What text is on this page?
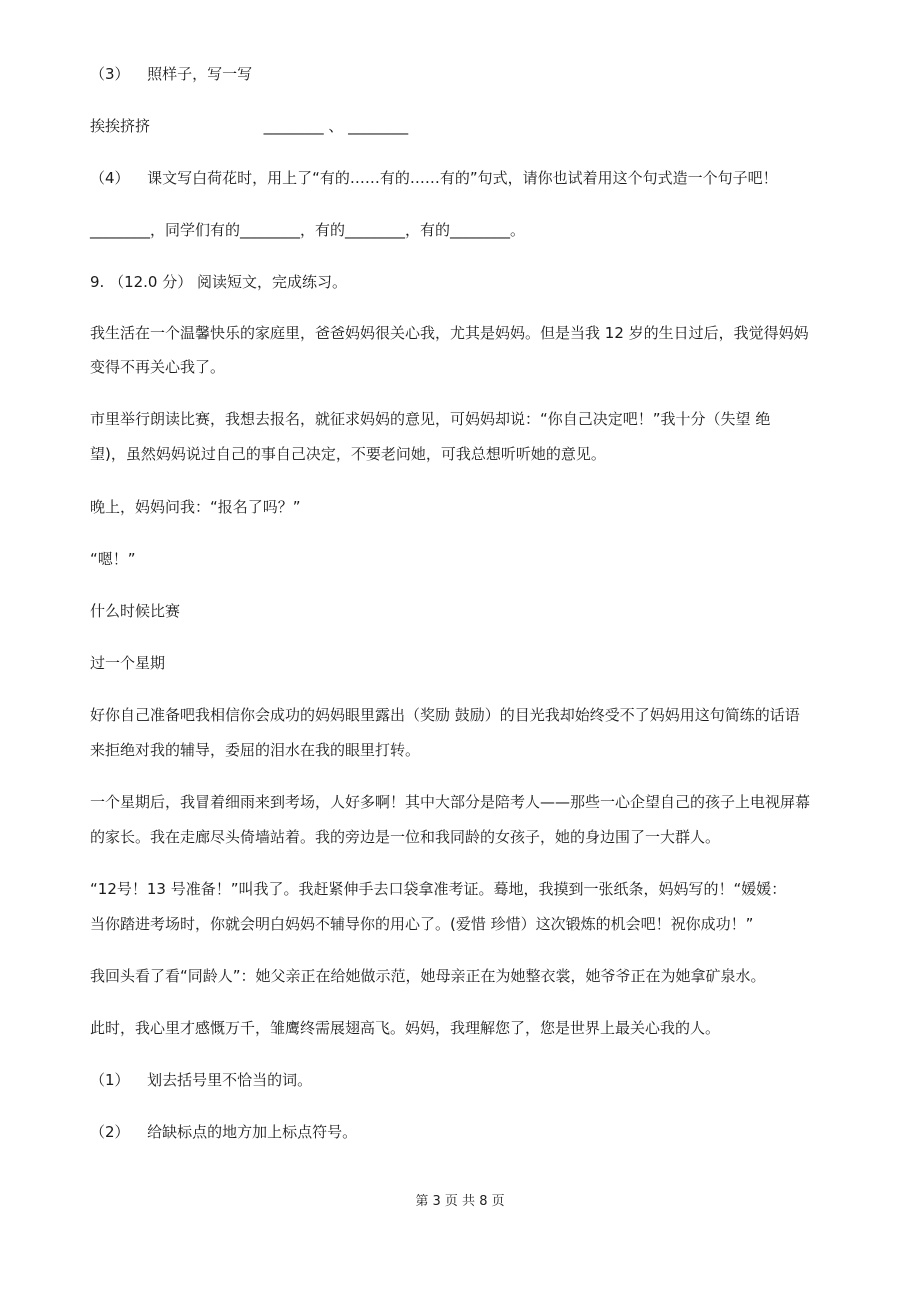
（3） 照样子，写一写
挨挨挤挤	________ 、 ________
（4） 课文写白荷花时，用上了“有的……有的……有的”句式，请你也试着用这个句式造一个句子吧！
________，同学们有的________，有的________，有的________。
9. （12.0 分） 阅读短文，完成练习。
我生活在一个温馨快乐的家庭里，爸爸妈妈很关心我，尤其是妈妈。但是当我 12 岁的生日过后，我觉得妈妈
变得不再关心我了。
市里举行朗读比赛，我想去报名，就征求妈妈的意见，可妈妈却说：“你自己决定吧！”我十分（失望 绝
望)，虽然妈妈说过自己的事自己决定，不要老问她，可我总想听听她的意见。
晚上，妈妈问我：“报名了吗？”
“嗯！”
什么时候比赛
过一个星期
好你自己准备吧我相信你会成功的妈妈眼里露出（奖励 鼓励）的目光我却始终受不了妈妈用这句简练的话语
来拒绝对我的辅导，委屈的泪水在我的眼里打转。
一个星期后，我冒着细雨来到考场，人好多啊！其中大部分是陪考人——那些一心企望自己的孩子上电视屏幕
的家长。我在走廊尽头倚墙站着。我的旁边是一位和我同龄的女孩子，她的身边围了一大群人。
“12号！13 号准备！”叫我了。我赶紧伸手去口袋拿准考证。蓦地，我摸到一张纸条，妈妈写的！“媛媛：
当你踏进考场时，你就会明白妈妈不辅导你的用心了。(爱惜 珍惜）这次锻炼的机会吧！祝你成功！”
我回头看了看“同龄人”：她父亲正在给她做示范，她母亲正在为她整衣裳，她爷爷正在为她拿矿泉水。
此时，我心里才感慨万千，雏鹰终需展翅高飞。妈妈，我理解您了，您是世界上最关心我的人。
（1） 划去括号里不恰当的词。
（2） 给缺标点的地方加上标点符号。
第 3 页 共 8 页
